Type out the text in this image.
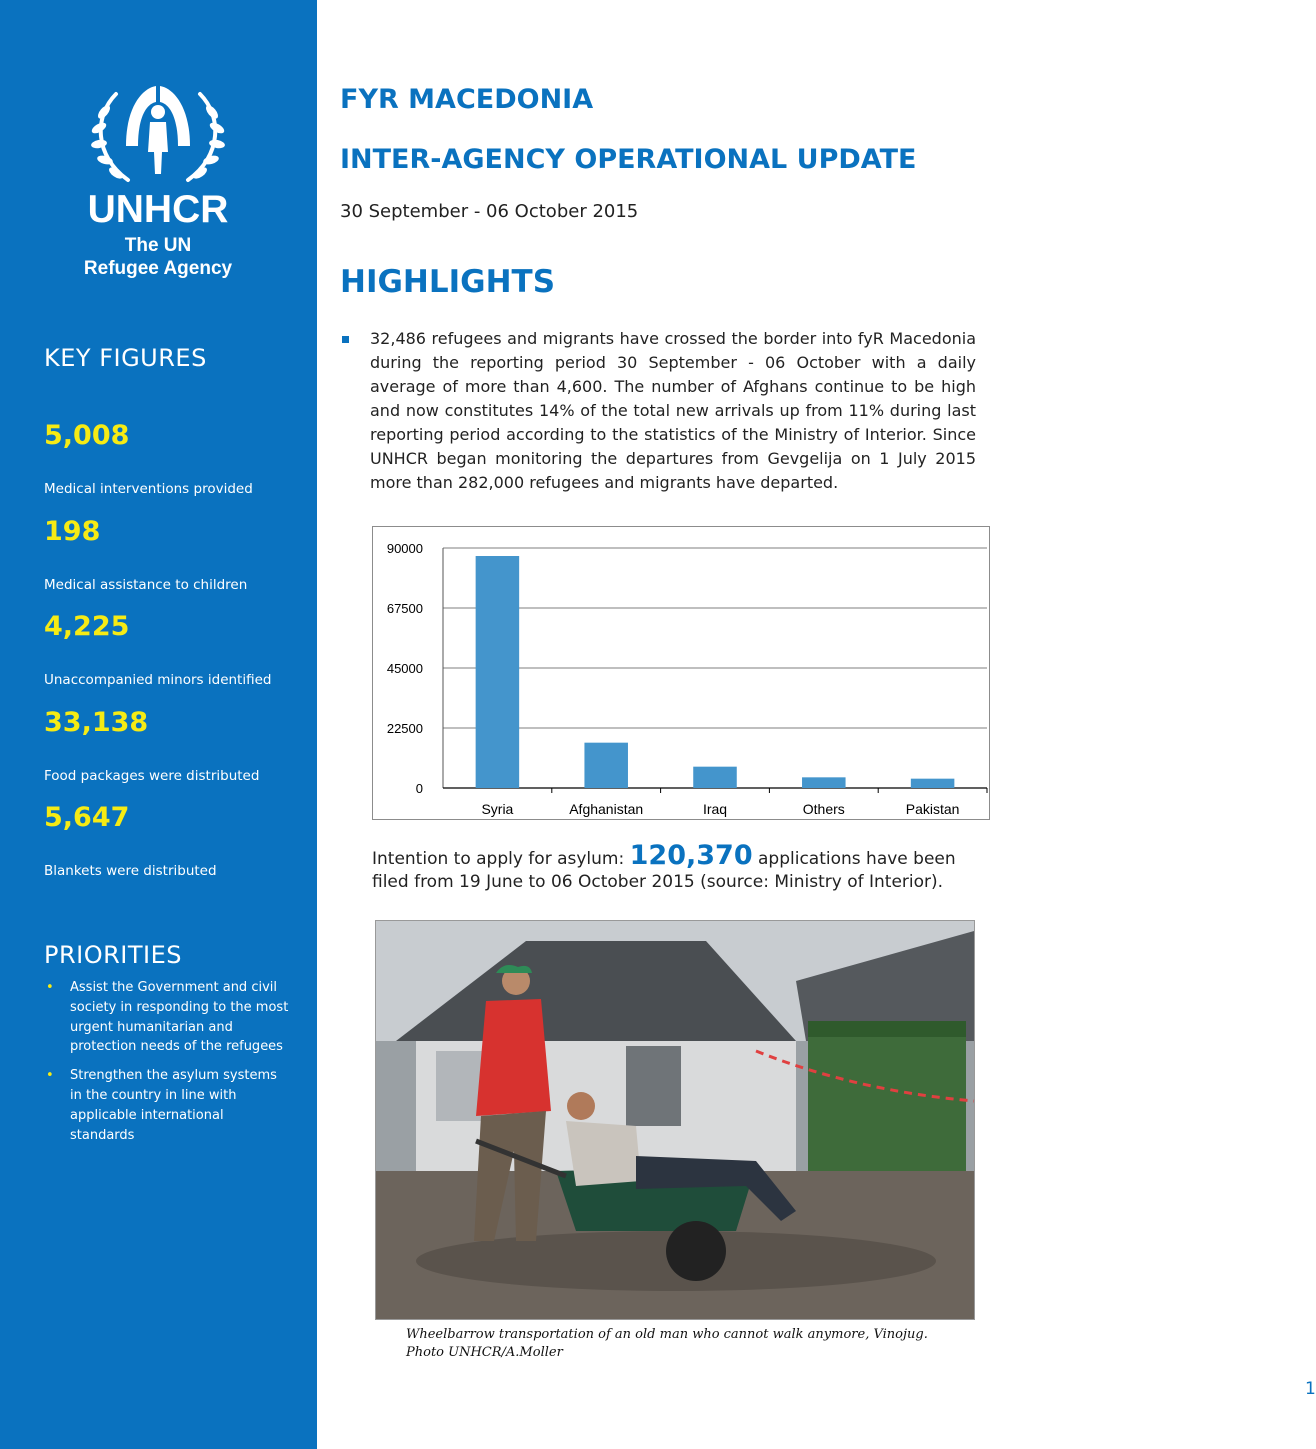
UNHCR
The UN
Refugee Agency
KEY FIGURES
5,008
Medical interventions provided
198
Medical assistance to children
4,225
Unaccompanied minors identified
33,138
Food packages were distributed
5,647
Blankets were distributed
PRIORITIES
• Assist the Government and civil society in responding to the most urgent humanitarian and protection needs of the refugees
• Strengthen the asylum systems in the country in line with applicable international standards
FYR MACEDONIA
INTER-AGENCY OPERATIONAL UPDATE
30 September - 06 October 2015
HIGHLIGHTS
32,486 refugees and migrants have crossed the border into fyR Macedonia during the reporting period 30 September - 06 October with a daily average of more than 4,600. The number of Afghans continue to be high and now constitutes 14% of the total new arrivals up from 11% during last reporting period according to the statistics of the Ministry of Interior. Since UNHCR began monitoring the departures from Gevgelija on 1 July 2015 more than 282,000 refugees and migrants have departed.
0
22500
45000
67500
90000
Syria	Afghanistan	Iraq	Others	Pakistan
Intention to apply for asylum: 120,370 applications have been
filed from 19 June to 06 October 2015 (source: Ministry of Interior).
Wheelbarrow transportation of an old man who cannot walk anymore, Vinojug. Photo UNHCR/A.Moller
1
